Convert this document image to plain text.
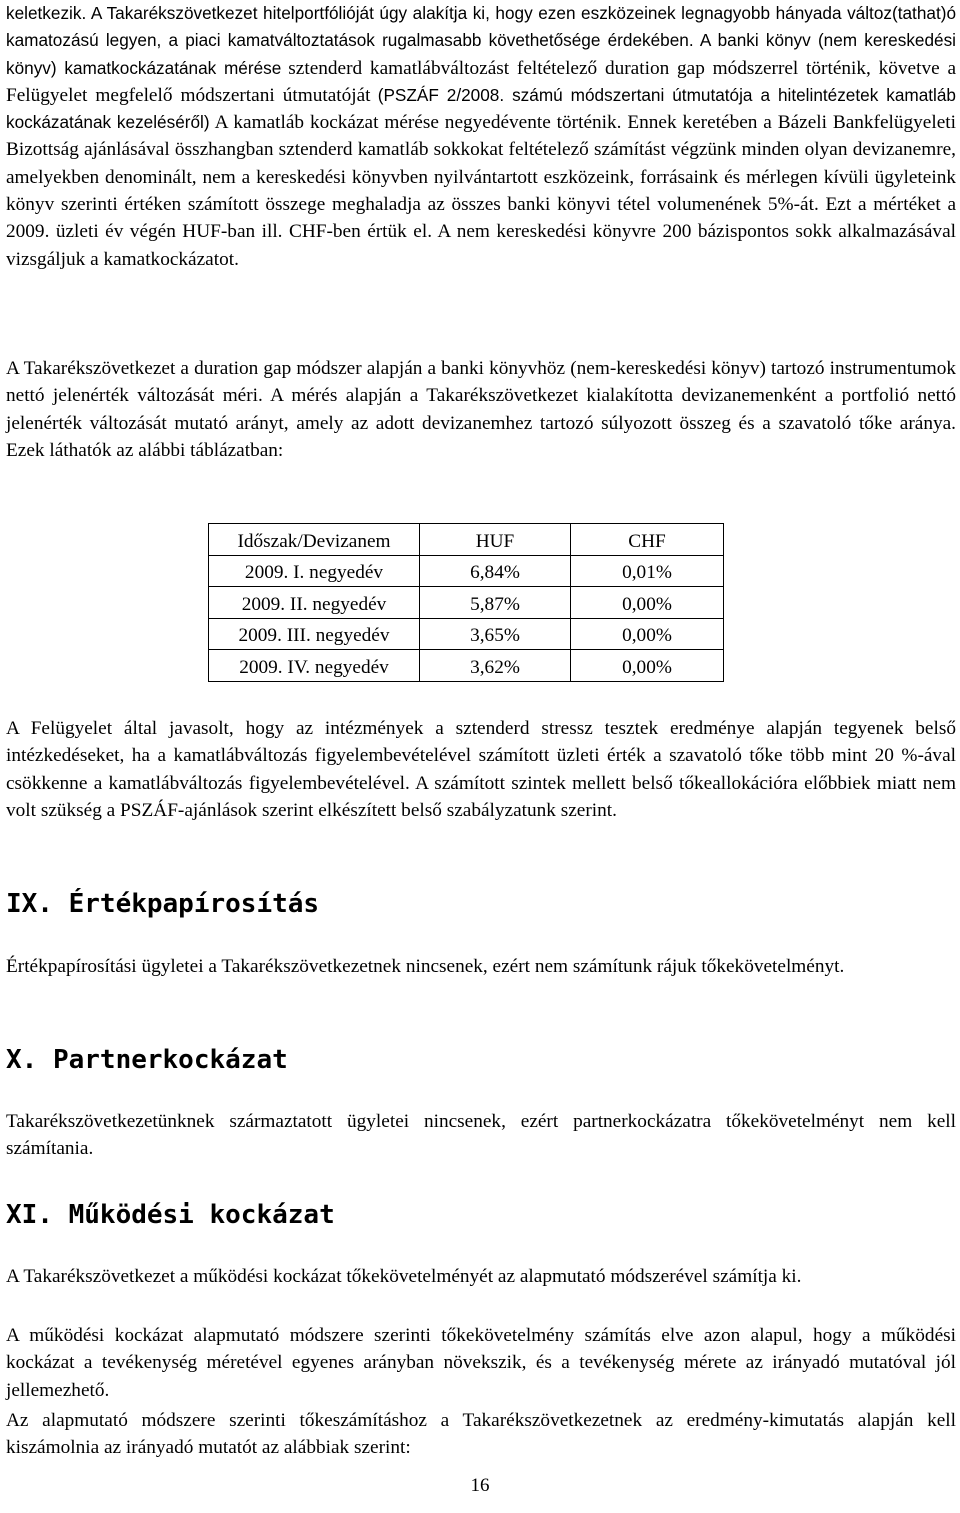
keletkezik. A Takarékszövetkezet hitelportfólióját úgy alakítja ki, hogy ezen eszközeinek legnagyobb hányada változ(tathat)ó kamatozású legyen, a piaci kamatváltoztatások rugalmasabb követhetősége érdekében. A banki könyv (nem kereskedési könyv) kamatkockázatának mérése sztenderd kamatlábváltozást feltételező duration gap módszerrel történik, követve a Felügyelet megfelelő módszertani útmutatóját (PSZÁF 2/2008. számú módszertani útmutatója a hitelintézetek kamatláb kockázatának kezeléséről) A kamatláb kockázat mérése negyedévente történik. Ennek keretében a Bázeli Bankfelügyeleti Bizottság ajánlásával összhangban sztenderd kamatláb sokkokat feltételező számítást végzünk minden olyan devizanemre, amelyekben denominált, nem a kereskedési könyvben nyilvántartott eszközeink, forrásaink és mérlegen kívüli ügyleteink könyv szerinti értéken számított összege meghaladja az összes banki könyvi tétel volumenének 5%-át. Ezt a mértéket a 2009. üzleti év végén HUF-ban ill. CHF-ben értük el. A nem kereskedési könyvre 200 bázispontos sokk alkalmazásával vizsgáljuk a kamatkockázatot.

A Takarékszövetkezet a duration gap módszer alapján a banki könyvhöz (nem-kereskedési könyv) tartozó instrumentumok nettó jelenérték változását méri. A mérés alapján a Takarékszövetkezet kialakította devizanemenként a portfolió nettó jelenérték változását mutató arányt, amely az adott devizanemhez tartozó súlyozott összeg és a szavatoló tőke aránya. Ezek láthatók az alábbi táblázatban:

Időszak/Devizanem	HUF	CHF
2009. I. negyedév	6,84%	0,01%
2009. II. negyedév	5,87%	0,00%
2009. III. negyedév	3,65%	0,00%
2009. IV. negyedév	3,62%	0,00%

A Felügyelet által javasolt, hogy az intézmények a sztenderd stressz tesztek eredménye alapján tegyenek belső intézkedéseket, ha a kamatlábváltozás figyelembevételével számított üzleti érték a szavatoló tőke több mint 20 %-ával csökkenne a kamatlábváltozás figyelembevételével. A számított szintek mellett belső tőkeallokációra előbbiek miatt nem volt szükség a PSZÁF-ajánlások szerint elkészített belső szabályzatunk szerint.

IX. Értékpapírosítás

Értékpapírosítási ügyletei a Takarékszövetkezetnek nincsenek, ezért nem számítunk rájuk tőkekövetelményt.

X. Partnerkockázat

Takarékszövetkezetünknek származtatott ügyletei nincsenek, ezért partnerkockázatra tőkekövetelményt nem kell számítania.

XI. Működési kockázat

A Takarékszövetkezet a működési kockázat tőkekövetelményét az alapmutató módszerével számítja ki.

A működési kockázat alapmutató módszere szerinti tőkekövetelmény számítás elve azon alapul, hogy a működési kockázat a tevékenység méretével egyenes arányban növekszik, és a tevékenység mérete az irányadó mutatóval jól jellemezhető.

Az alapmutató módszere szerinti tőkeszámításhoz a Takarékszövetkezetnek az eredmény-kimutatás alapján kell kiszámolnia az irányadó mutatót az alábbiak szerint:

16
